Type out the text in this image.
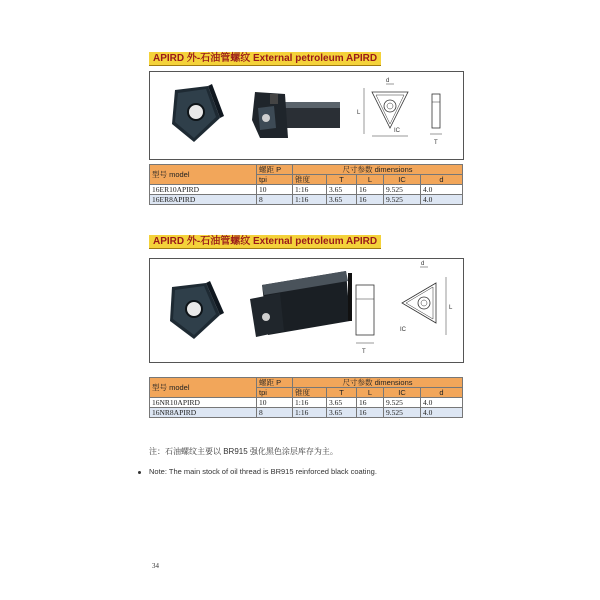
APIRD 外-石油管螺纹 External petroleum APIRD
L
d
IC
T
型号 model	螺距 P	尺寸参数 dimensions				
	tpi	锥度	T	L	IC	d
16ER10APIRD	10	1:16	3.65	16	9.525	4.0
16ER8APIRD	8	1:16	3.65	16	9.525	4.0
APIRD 外-石油管螺纹 External petroleum APIRD
T
L
d
IC
型号 model	螺距 P	尺寸参数 dimensions				
	tpi	锥度	T	L	IC	d
16NR10APIRD	10	1:16	3.65	16	9.525	4.0
16NR8APIRD	8	1:16	3.65	16	9.525	4.0
注：石油螺纹主要以 BR915 强化黑色涂层库存为主。
Note: The main stock of oil thread is BR915 reinforced black coating.
34
